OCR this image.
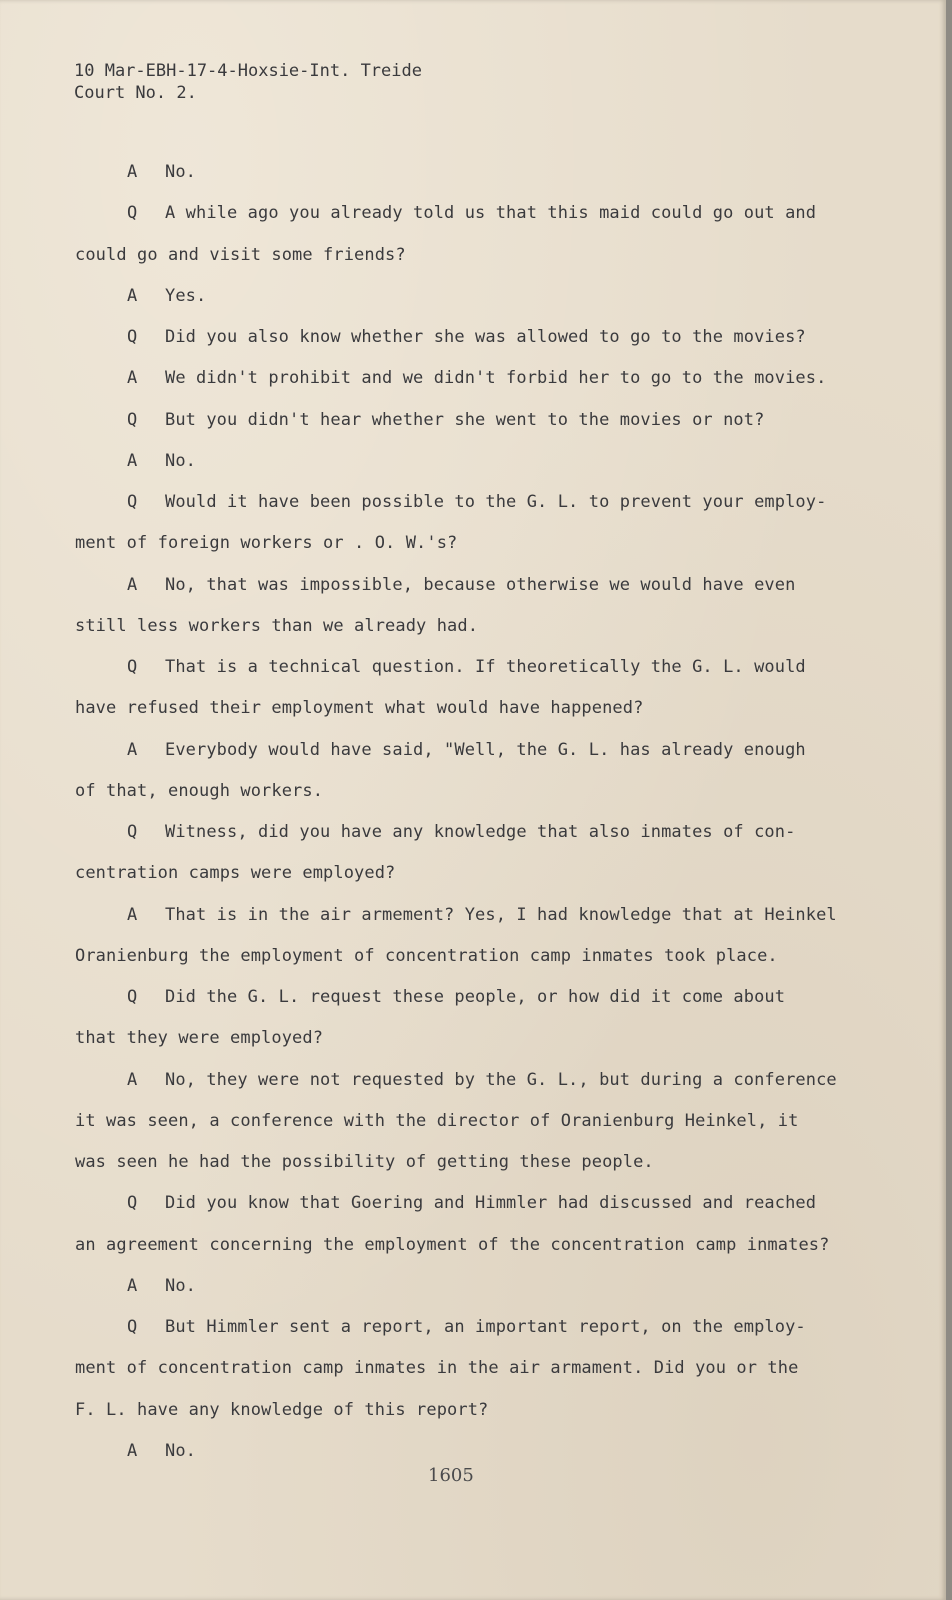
10 Mar-EBH-17-4-Hoxsie-Int. Treide
Court No. 2.
A No.
Q A while ago you already told us that this maid could go out and
could go and visit some friends?
A Yes.
Q Did you also know whether she was allowed to go to the movies?
A We didn't prohibit and we didn't forbid her to go to the movies.
Q But you didn't hear whether she went to the movies or not?
A No.
Q Would it have been possible to the G. L. to prevent your employ-
ment of foreign workers or . O. W.'s?
A No, that was impossible, because otherwise we would have even
still less workers than we already had.
Q That is a technical question. If theoretically the G. L. would
have refused their employment what would have happened?
A Everybody would have said, "Well, the G. L. has already enough
of that, enough workers.
Q Witness, did you have any knowledge that also inmates of con-
centration camps were employed?
A That is in the air armement? Yes, I had knowledge that at Heinkel
Oranienburg the employment of concentration camp inmates took place.
Q Did the G. L. request these people, or how did it come about
that they were employed?
A No, they were not requested by the G. L., but during a conference
it was seen, a conference with the director of Oranienburg Heinkel, it
was seen he had the possibility of getting these people.
Q Did you know that Goering and Himmler had discussed and reached
an agreement concerning the employment of the concentration camp inmates?
A No.
Q But Himmler sent a report, an important report, on the employ-
ment of concentration camp inmates in the air armament. Did you or the
F. L. have any knowledge of this report?
A No.
1605
